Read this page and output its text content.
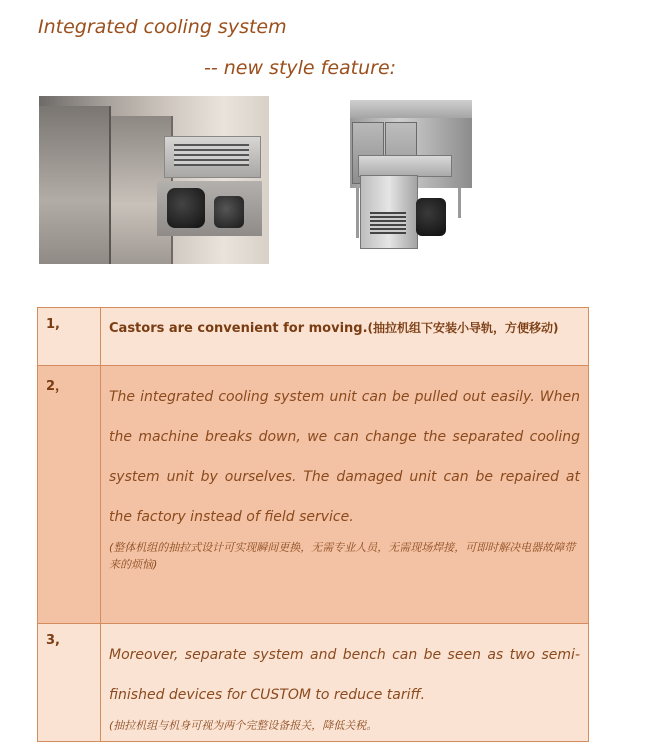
Integrated cooling system
-- new style feature:
1,	Castors are convenient for moving.(抽拉机组下安装小导轨，方便移动)
2，	The integrated cooling system unit can be pulled out easily. When the machine breaks down, we can change the separated cooling system unit by ourselves. The damaged unit can be repaired at the factory instead of field service.
(整体机组的抽拉式设计可实现瞬间更换，无需专业人员，无需现场焊接，可即时解决电器故障带来的烦恼)

3,	Moreover, separate system and bench can be seen as two semi-finished devices for CUSTOM to reduce tariff.
(抽拉机组与机身可视为两个完整设备报关，降低关税。
